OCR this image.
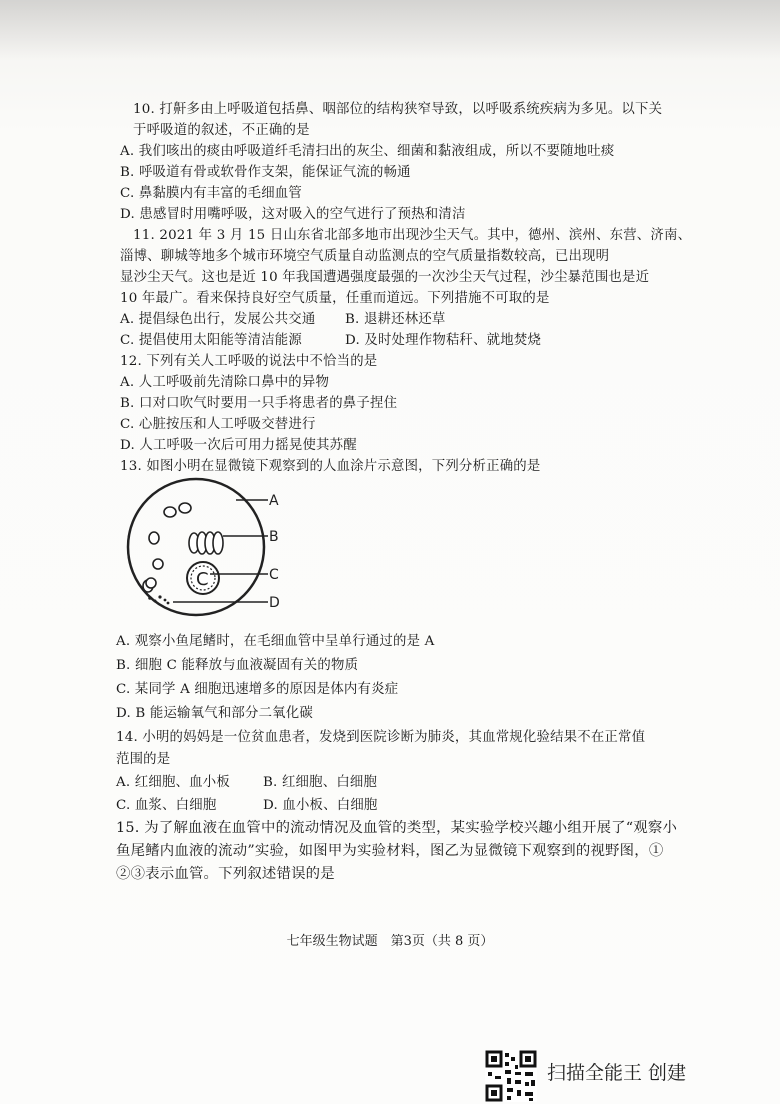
10. 打鼾多由上呼吸道包括鼻、咽部位的结构狭窄导致，以呼吸系统疾病为多见。以下关
于呼吸道的叙述，不正确的是
A. 我们咳出的痰由呼吸道纤毛清扫出的灰尘、细菌和黏液组成，所以不要随地吐痰
B. 呼吸道有骨或软骨作支架，能保证气流的畅通
C. 鼻黏膜内有丰富的毛细血管
D. 患感冒时用嘴呼吸，这对吸入的空气进行了预热和清洁
11. 2021 年 3 月 15 日山东省北部多地市出现沙尘天气。其中，德州、滨州、东营、济南、
淄博、聊城等地多个城市环境空气质量自动监测点的空气质量指数较高，已出现明
显沙尘天气。这也是近 10 年我国遭遇强度最强的一次沙尘天气过程，沙尘暴范围也是近
10 年最广。看来保持良好空气质量，任重而道远。下列措施不可取的是
A. 提倡绿色出行，发展公共交通 B. 退耕还林还草
C. 提倡使用太阳能等清洁能源	D. 及时处理作物秸秆、就地焚烧
12. 下列有关人工呼吸的说法中不恰当的是
A. 人工呼吸前先清除口鼻中的异物
B. 口对口吹气时要用一只手将患者的鼻子捏住
C. 心脏按压和人工呼吸交替进行
D. 人工呼吸一次后可用力摇晃使其苏醒
13. 如图小明在显微镜下观察到的人血涂片示意图，下列分析正确的是
C
A
B
C
D
A. 观察小鱼尾鳍时，在毛细血管中呈单行通过的是 A
B. 细胞 C 能释放与血液凝固有关的物质
C. 某同学 A 细胞迅速增多的原因是体内有炎症
D. B 能运输氧气和部分二氧化碳
14. 小明的妈妈是一位贫血患者，发烧到医院诊断为肺炎，其血常规化验结果不在正常值
范围的是
A. 红细胞、血小板 B. 红细胞、白细胞
C. 血浆、白细胞	D. 血小板、白细胞
15. 为了解血液在血管中的流动情况及血管的类型，某实验学校兴趣小组开展了“观察小
鱼尾鳍内血液的流动”实验，如图甲为实验材料，图乙为显微镜下观察到的视野图，①
②③表示血管。下列叙述错误的是
七年级生物试题　第3页（共 8 页）
扫描全能王 创建
